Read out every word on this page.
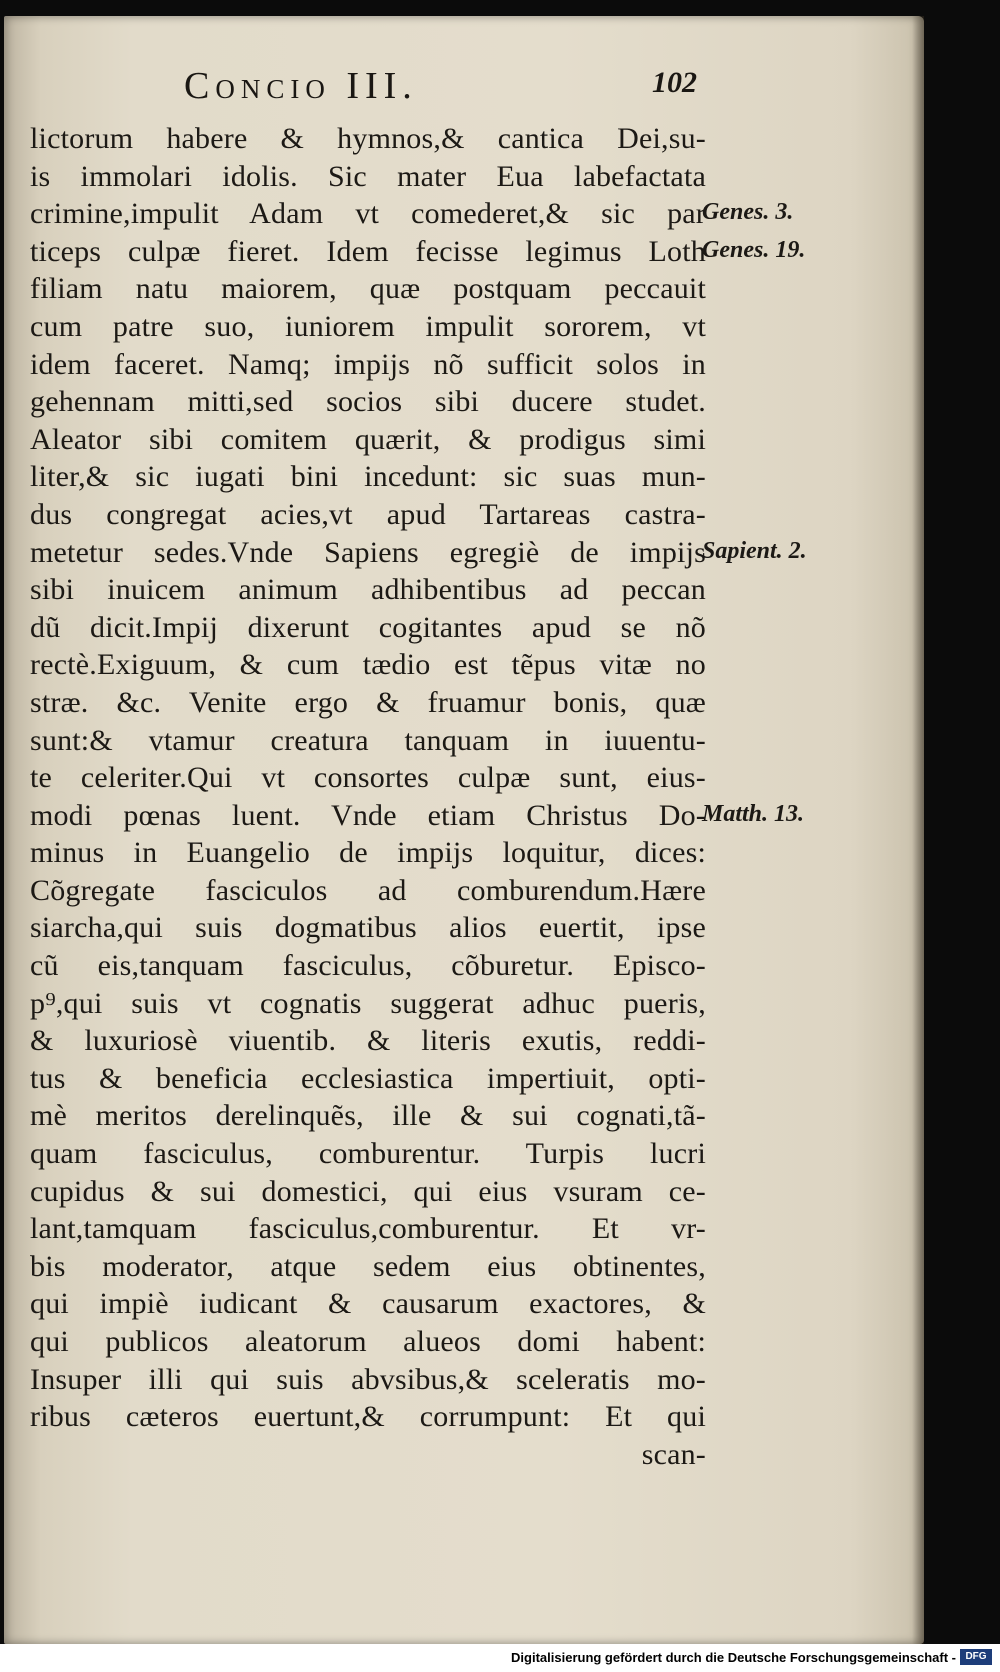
Concio III.	102
lictorum habere & hymnos,& cantica Dei,su-
is immolari idolis. Sic mater Eua labefactata
crimine,impulit Adam vt comederet,& sic par
ticeps culpæ fieret. Idem fecisse legimus Loth
filiam natu maiorem, quæ postquam peccauit
cum patre suo, iuniorem impulit sororem, vt
idem faceret. Namq; impijs nõ sufficit solos in
gehennam mitti,sed socios sibi ducere studet.
Aleator sibi comitem quærit, & prodigus simi
liter,& sic iugati bini incedunt: sic suas mun-
dus congregat acies,vt apud Tartareas castra-
metetur sedes.Vnde Sapiens egregiè de impijs
sibi inuicem animum adhibentibus ad peccan
dũ dicit.Impij dixerunt cogitantes apud se nõ
rectè.Exiguum, & cum tædio est tẽpus vitæ no
stræ. &c. Venite ergo & fruamur bonis, quæ
sunt:& vtamur creatura tanquam in iuuentu-
te celeriter.Qui vt consortes culpæ sunt, eius-
modi pœnas luent. Vnde etiam Christus Do-
minus in Euangelio de impijs loquitur, dices:
Cõgregate fasciculos ad comburendum.Hære
siarcha,qui suis dogmatibus alios euertit, ipse
cũ eis,tanquam fasciculus, cõburetur. Episco-
p⁹,qui suis vt cognatis suggerat adhuc pueris,
& luxuriosè viuentib. & literis exutis, reddi-
tus & beneficia ecclesiastica impertiuit, opti-
mè meritos derelinquẽs, ille & sui cognati,tã-
quam fasciculus, comburentur. Turpis lucri
cupidus & sui domestici, qui eius vsuram ce-
lant,tamquam fasciculus,comburentur. Et vr-
bis moderator, atque sedem eius obtinentes,
qui impiè iudicant & causarum exactores, &
qui publicos aleatorum alueos domi habent:
Insuper illi qui suis abvsibus,& sceleratis mo-
ribus cæteros euertunt,& corrumpunt: Et qui
scan-
Genes. 3.
Genes. 19.
Sapient. 2.
Matth. 13.
Digitalisierung gefördert durch die Deutsche Forschungsgemeinschaft - DFG
